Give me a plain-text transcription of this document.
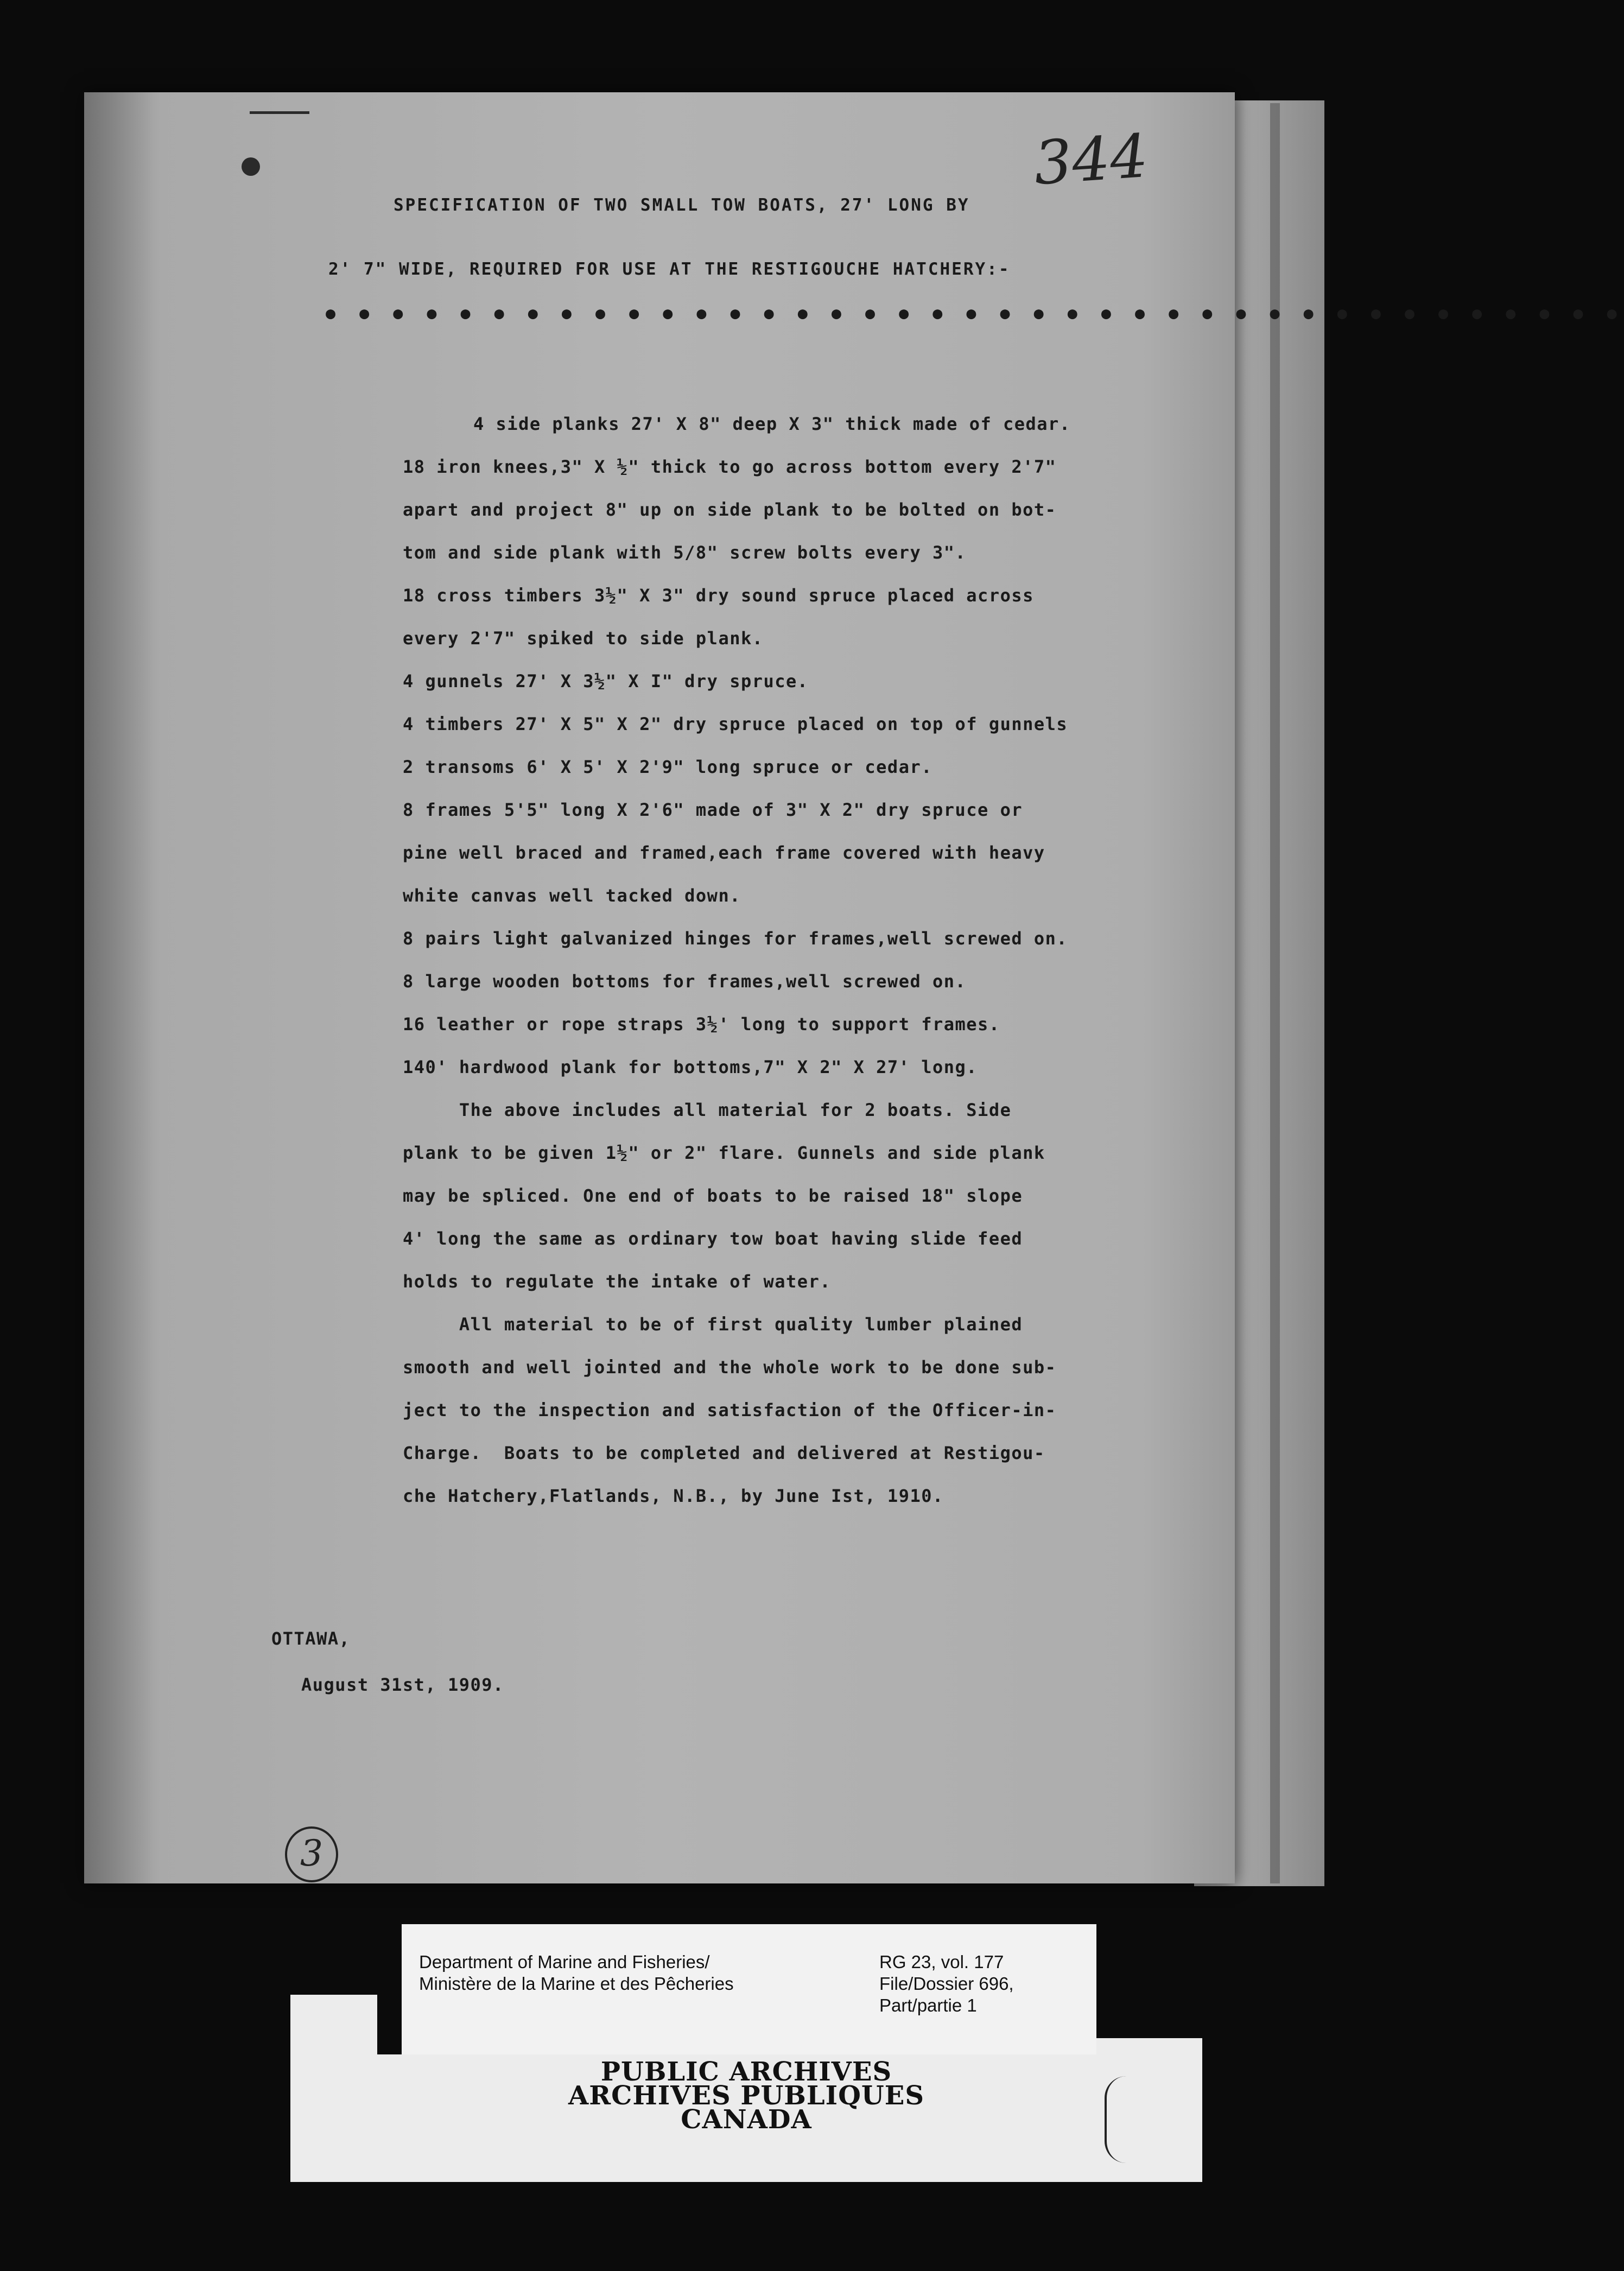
344
SPECIFICATION OF TWO SMALL TOW BOATS, 27' LONG BY
2' 7" WIDE, REQUIRED FOR USE AT THE RESTIGOUCHE HATCHERY:-
● ● ● ● ● ● ● ● ● ● ● ● ● ● ● ● ● ● ● ● ● ● ● ● ● ● ● ● ● ● ● ● ● ● ● ● ● ● ●
4 side planks 27' X 8" deep X 3" thick made of cedar.
18 iron knees,3" X ½" thick to go across bottom every 2'7"
apart and project 8" up on side plank to be bolted on bot-
tom and side plank with 5/8" screw bolts every 3".
18 cross timbers 3½" X 3" dry sound spruce placed across
every 2'7" spiked to side plank.
4 gunnels 27' X 3½" X I" dry spruce.
4 timbers 27' X 5" X 2" dry spruce placed on top of gunnels
2 transoms 6' X 5' X 2'9" long spruce or cedar.
8 frames 5'5" long X 2'6" made of 3" X 2" dry spruce or
pine well braced and framed,each frame covered with heavy
white canvas well tacked down.
8 pairs light galvanized hinges for frames,well screwed on.
8 large wooden bottoms for frames,well screwed on.
16 leather or rope straps 3½' long to support frames.
140' hardwood plank for bottoms,7" X 2" X 27' long.
The above includes all material for 2 boats. Side
plank to be given 1½" or 2" flare. Gunnels and side plank
may be spliced. One end of boats to be raised 18" slope
4' long the same as ordinary tow boat having slide feed
holds to regulate the intake of water.
All material to be of first quality lumber plained
smooth and well jointed and the whole work to be done sub-
ject to the inspection and satisfaction of the Officer-in-
Charge.  Boats to be completed and delivered at Restigou-
che Hatchery,Flatlands, N.B., by June Ist, 1910.
OTTAWA,
August 31st, 1909.
3
PUBLIC ARCHIVES
ARCHIVES PUBLIQUES
CANADA
Department of Marine and Fisheries/
Ministère de la Marine et des Pêcheries
RG 23, vol. 177
File/Dossier 696,
Part/partie 1
